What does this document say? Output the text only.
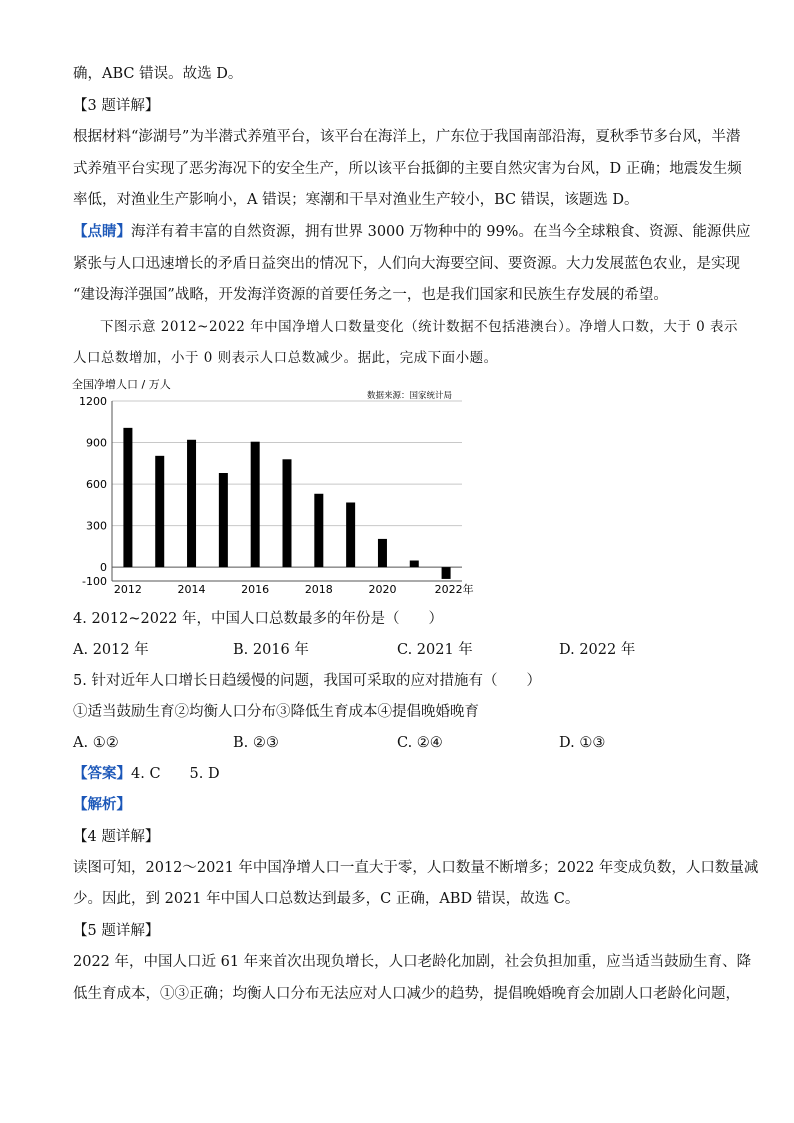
确，ABC 错误。故选 D。
【3 题详解】
根据材料“澎湖号”为半潜式养殖平台，该平台在海洋上，广东位于我国南部沿海，夏秋季节多台风，半潜
式养殖平台实现了恶劣海况下的安全生产，所以该平台抵御的主要自然灾害为台风，D 正确；地震发生频
率低，对渔业生产影响小，A 错误；寒潮和干旱对渔业生产较小，BC 错误，该题选 D。
【点睛】海洋有着丰富的自然资源，拥有世界 3000 万物种中的 99%。在当今全球粮食、资源、能源供应
紧张与人口迅速增长的矛盾日益突出的情况下，人们向大海要空间、要资源。大力发展蓝色农业，是实现
“建设海洋强国”战略，开发海洋资源的首要任务之一，也是我们国家和民族生存发展的希望。
下图示意 2012~2022 年中国净增人口数量变化（统计数据不包括港澳台）。净增人口数，大于 0 表示
人口总数增加，小于 0 则表示人口总数减少。据此，完成下面小题。
全国净增人口 / 万人
数据来源：国家统计局
-100
0
300
600
900
1200
2012	2014	2016	2018	2020	2022年
4. 2012~2022 年，中国人口总数最多的年份是（　　）
A. 2012 年	B. 2016 年	C. 2021 年	D. 2022 年
5. 针对近年人口增长日趋缓慢的问题，我国可采取的应对措施有（　　）
①适当鼓励生育②均衡人口分布③降低生育成本④提倡晚婚晚育
A. ①②	B. ②③	C. ②④	D. ①③
【答案】4. C　　5. D
【解析】
【4 题详解】
读图可知，2012～2021 年中国净增人口一直大于零，人口数量不断增多；2022 年变成负数，人口数量减
少。因此，到 2021 年中国人口总数达到最多，C 正确，ABD 错误，故选 C。
【5 题详解】
2022 年，中国人口近 61 年来首次出现负增长，人口老龄化加剧，社会负担加重，应当适当鼓励生育、降
低生育成本，①③正确；均衡人口分布无法应对人口减少的趋势，提倡晚婚晚育会加剧人口老龄化问题，
